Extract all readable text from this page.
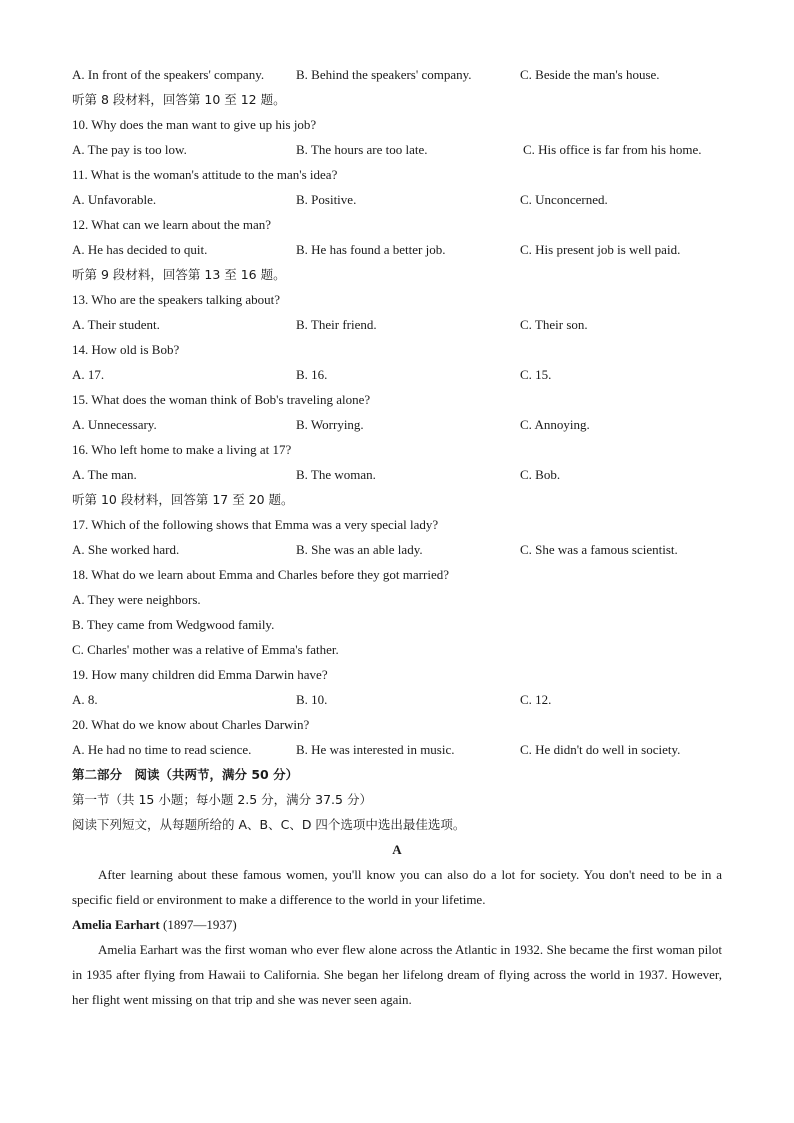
A. In front of the speakers' company. B. Behind the speakers' company.	C. Beside the man's house.
听第 8 段材料，回答第 10 至 12 题。
10. Why does the man want to give up his job?
A. The pay is too low.	B. The hours are too late.	C. His office is far from his home.
11. What is the woman's attitude to the man's idea?
A. Unfavorable.	B. Positive.	C. Unconcerned.
12. What can we learn about the man?
A. He has decided to quit.	B. He has found a better job.	C. His present job is well paid.
听第 9 段材料，回答第 13 至 16 题。
13. Who are the speakers talking about?
A. Their student.	B. Their friend.	C. Their son.
14. How old is Bob?
A. 17.	B. 16.	C. 15.
15. What does the woman think of Bob's traveling alone?
A. Unnecessary.	B. Worrying.	C. Annoying.
16. Who left home to make a living at 17?
A. The man.	B. The woman.	C. Bob.
听第 10 段材料，回答第 17 至 20 题。
17. Which of the following shows that Emma was a very special lady?
A. She worked hard.	B. She was an able lady.	C. She was a famous scientist.
18. What do we learn about Emma and Charles before they got married?
A. They were neighbors.
B. They came from Wedgwood family.
C. Charles' mother was a relative of Emma's father.
19. How many children did Emma Darwin have?
A. 8.	B. 10.	C. 12.
20. What do we know about Charles Darwin?
A. He had no time to read science.	B. He was interested in music.	C. He didn't do well in society.
第二部分　阅读（共两节，满分 50 分）
第一节（共 15 小题；每小题 2.5 分，满分 37.5 分）
阅读下列短文，从每题所给的 A、B、C、D 四个选项中选出最佳选项。
A
After learning about these famous women, you'll know you can also do a lot for society. You don't need to be in a specific field or environment to make a difference to the world in your lifetime.
Amelia Earhart (1897—1937)
Amelia Earhart was the first woman who ever flew alone across the Atlantic in 1932. She became the first woman pilot in 1935 after flying from Hawaii to California. She began her lifelong dream of flying across the world in 1937. However, her flight went missing on that trip and she was never seen again.
